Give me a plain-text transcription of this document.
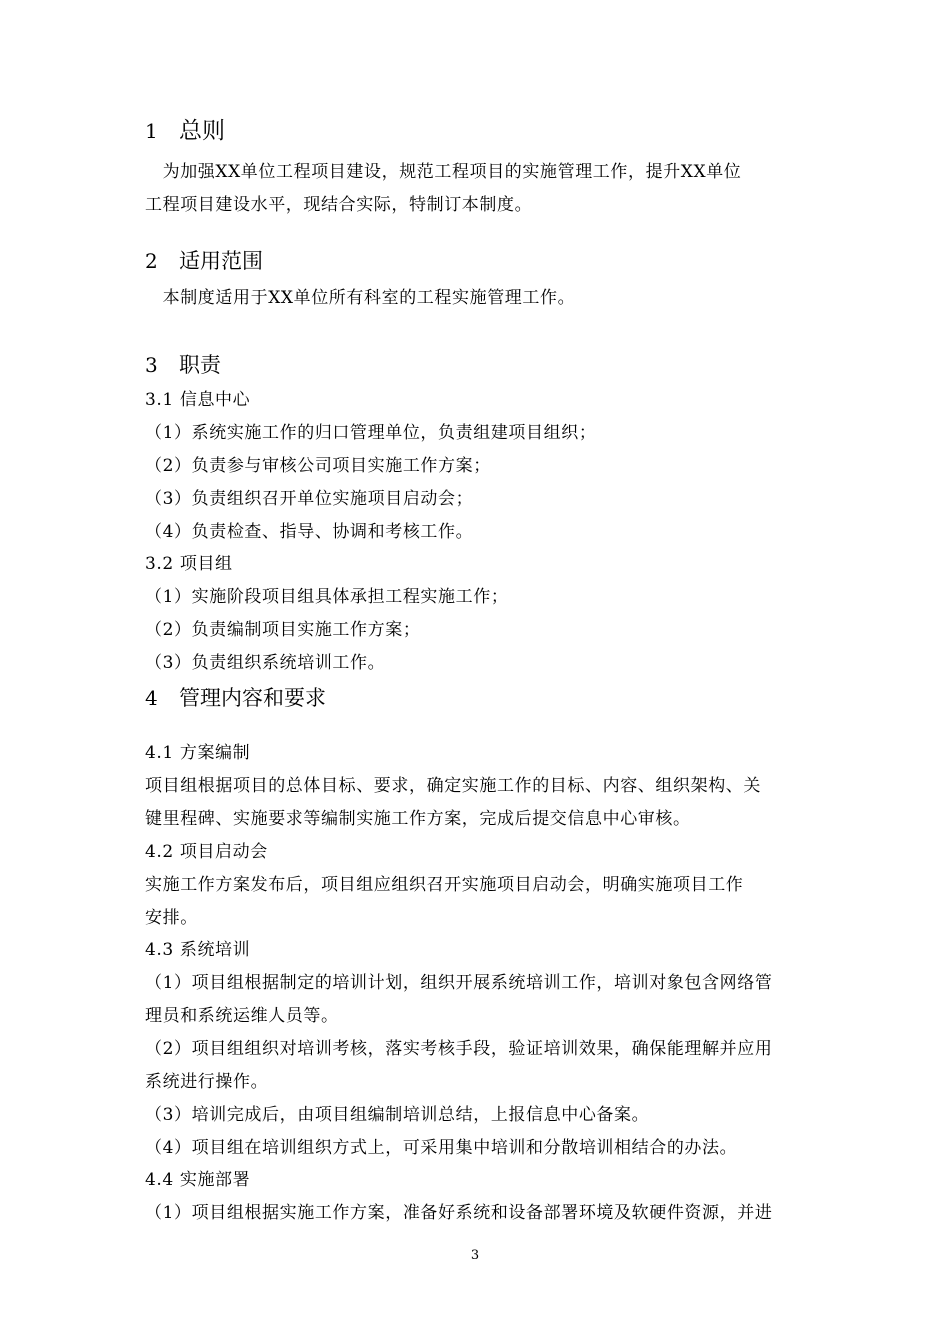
1 总则
　为加强XX单位工程项目建设，规范工程项目的实施管理工作，提升XX单位
工程项目建设水平，现结合实际，特制订本制度。
2 适用范围
　本制度适用于XX单位所有科室的工程实施管理工作。
3 职责
3.1 信息中心
（1）系统实施工作的归口管理单位，负责组建项目组织；
（2）负责参与审核公司项目实施工作方案；
（3）负责组织召开单位实施项目启动会；
（4）负责检查、指导、协调和考核工作。
3.2 项目组
（1）实施阶段项目组具体承担工程实施工作；
（2）负责编制项目实施工作方案；
（3）负责组织系统培训工作。
4 管理内容和要求
4.1 方案编制
项目组根据项目的总体目标、要求，确定实施工作的目标、内容、组织架构、关
键里程碑、实施要求等编制实施工作方案，完成后提交信息中心审核。
4.2 项目启动会
实施工作方案发布后，项目组应组织召开实施项目启动会，明确实施项目工作
安排。
4.3 系统培训
（1）项目组根据制定的培训计划，组织开展系统培训工作，培训对象包含网络管
理员和系统运维人员等。
（2）项目组组织对培训考核，落实考核手段，验证培训效果，确保能理解并应用
系统进行操作。
（3）培训完成后，由项目组编制培训总结，上报信息中心备案。
（4）项目组在培训组织方式上，可采用集中培训和分散培训相结合的办法。
4.4 实施部署
（1）项目组根据实施工作方案，准备好系统和设备部署环境及软硬件资源，并进
3
